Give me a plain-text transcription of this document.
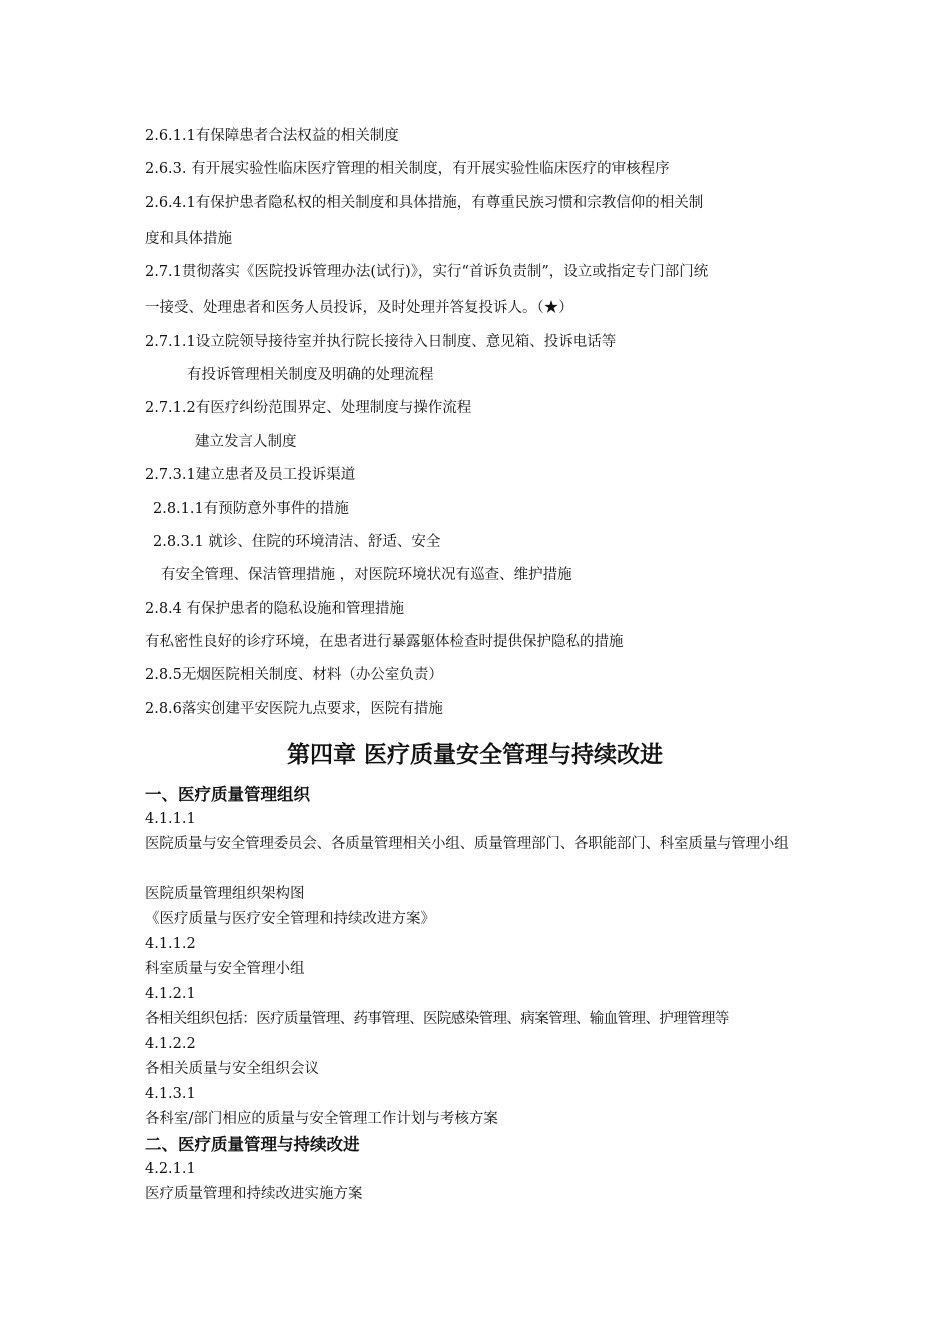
2.6.1.1有保障患者合法权益的相关制度
2.6.3. 有开展实验性临床医疗管理的相关制度，有开展实验性临床医疗的审核程序
2.6.4.1有保护患者隐私权的相关制度和具体措施，有尊重民族习惯和宗教信仰的相关制
度和具体措施
2.7.1贯彻落实《医院投诉管理办法(试行)》，实行“首诉负责制”，设立或指定专门部门统
一接受、处理患者和医务人员投诉，及时处理并答复投诉人。（★）
2.7.1.1设立院领导接待室并执行院长接待入日制度、意见箱、投诉电话等
有投诉管理相关制度及明确的处理流程
2.7.1.2有医疗纠纷范围界定、处理制度与操作流程
建立发言人制度
2.7.3.1建立患者及员工投诉渠道
2.8.1.1有预防意外事件的措施
2.8.3.1 就诊、住院的环境清洁、舒适、安全
有安全管理、保洁管理措施 ，对医院环境状况有巡查、维护措施
2.8.4 有保护患者的隐私设施和管理措施
有私密性良好的诊疗环境，在患者进行暴露躯体检查时提供保护隐私的措施
2.8.5无烟医院相关制度、材料（办公室负责）
2.8.6落实创建平安医院九点要求，医院有措施
第四章 医疗质量安全管理与持续改进
一、医疗质量管理组织
4.1.1.1
医院质量与安全管理委员会、各质量管理相关小组、质量管理部门、各职能部门、科室质量与管理小组
医院质量管理组织架构图
《医疗质量与医疗安全管理和持续改进方案》
4.1.1.2
科室质量与安全管理小组
4.1.2.1
各相关组织包括：医疗质量管理、药事管理、医院感染管理、病案管理、输血管理、护理管理等
4.1.2.2
各相关质量与安全组织会议
4.1.3.1
各科室/部门相应的质量与安全管理工作计划与考核方案
二、医疗质量管理与持续改进
4.2.1.1
医疗质量管理和持续改进实施方案
